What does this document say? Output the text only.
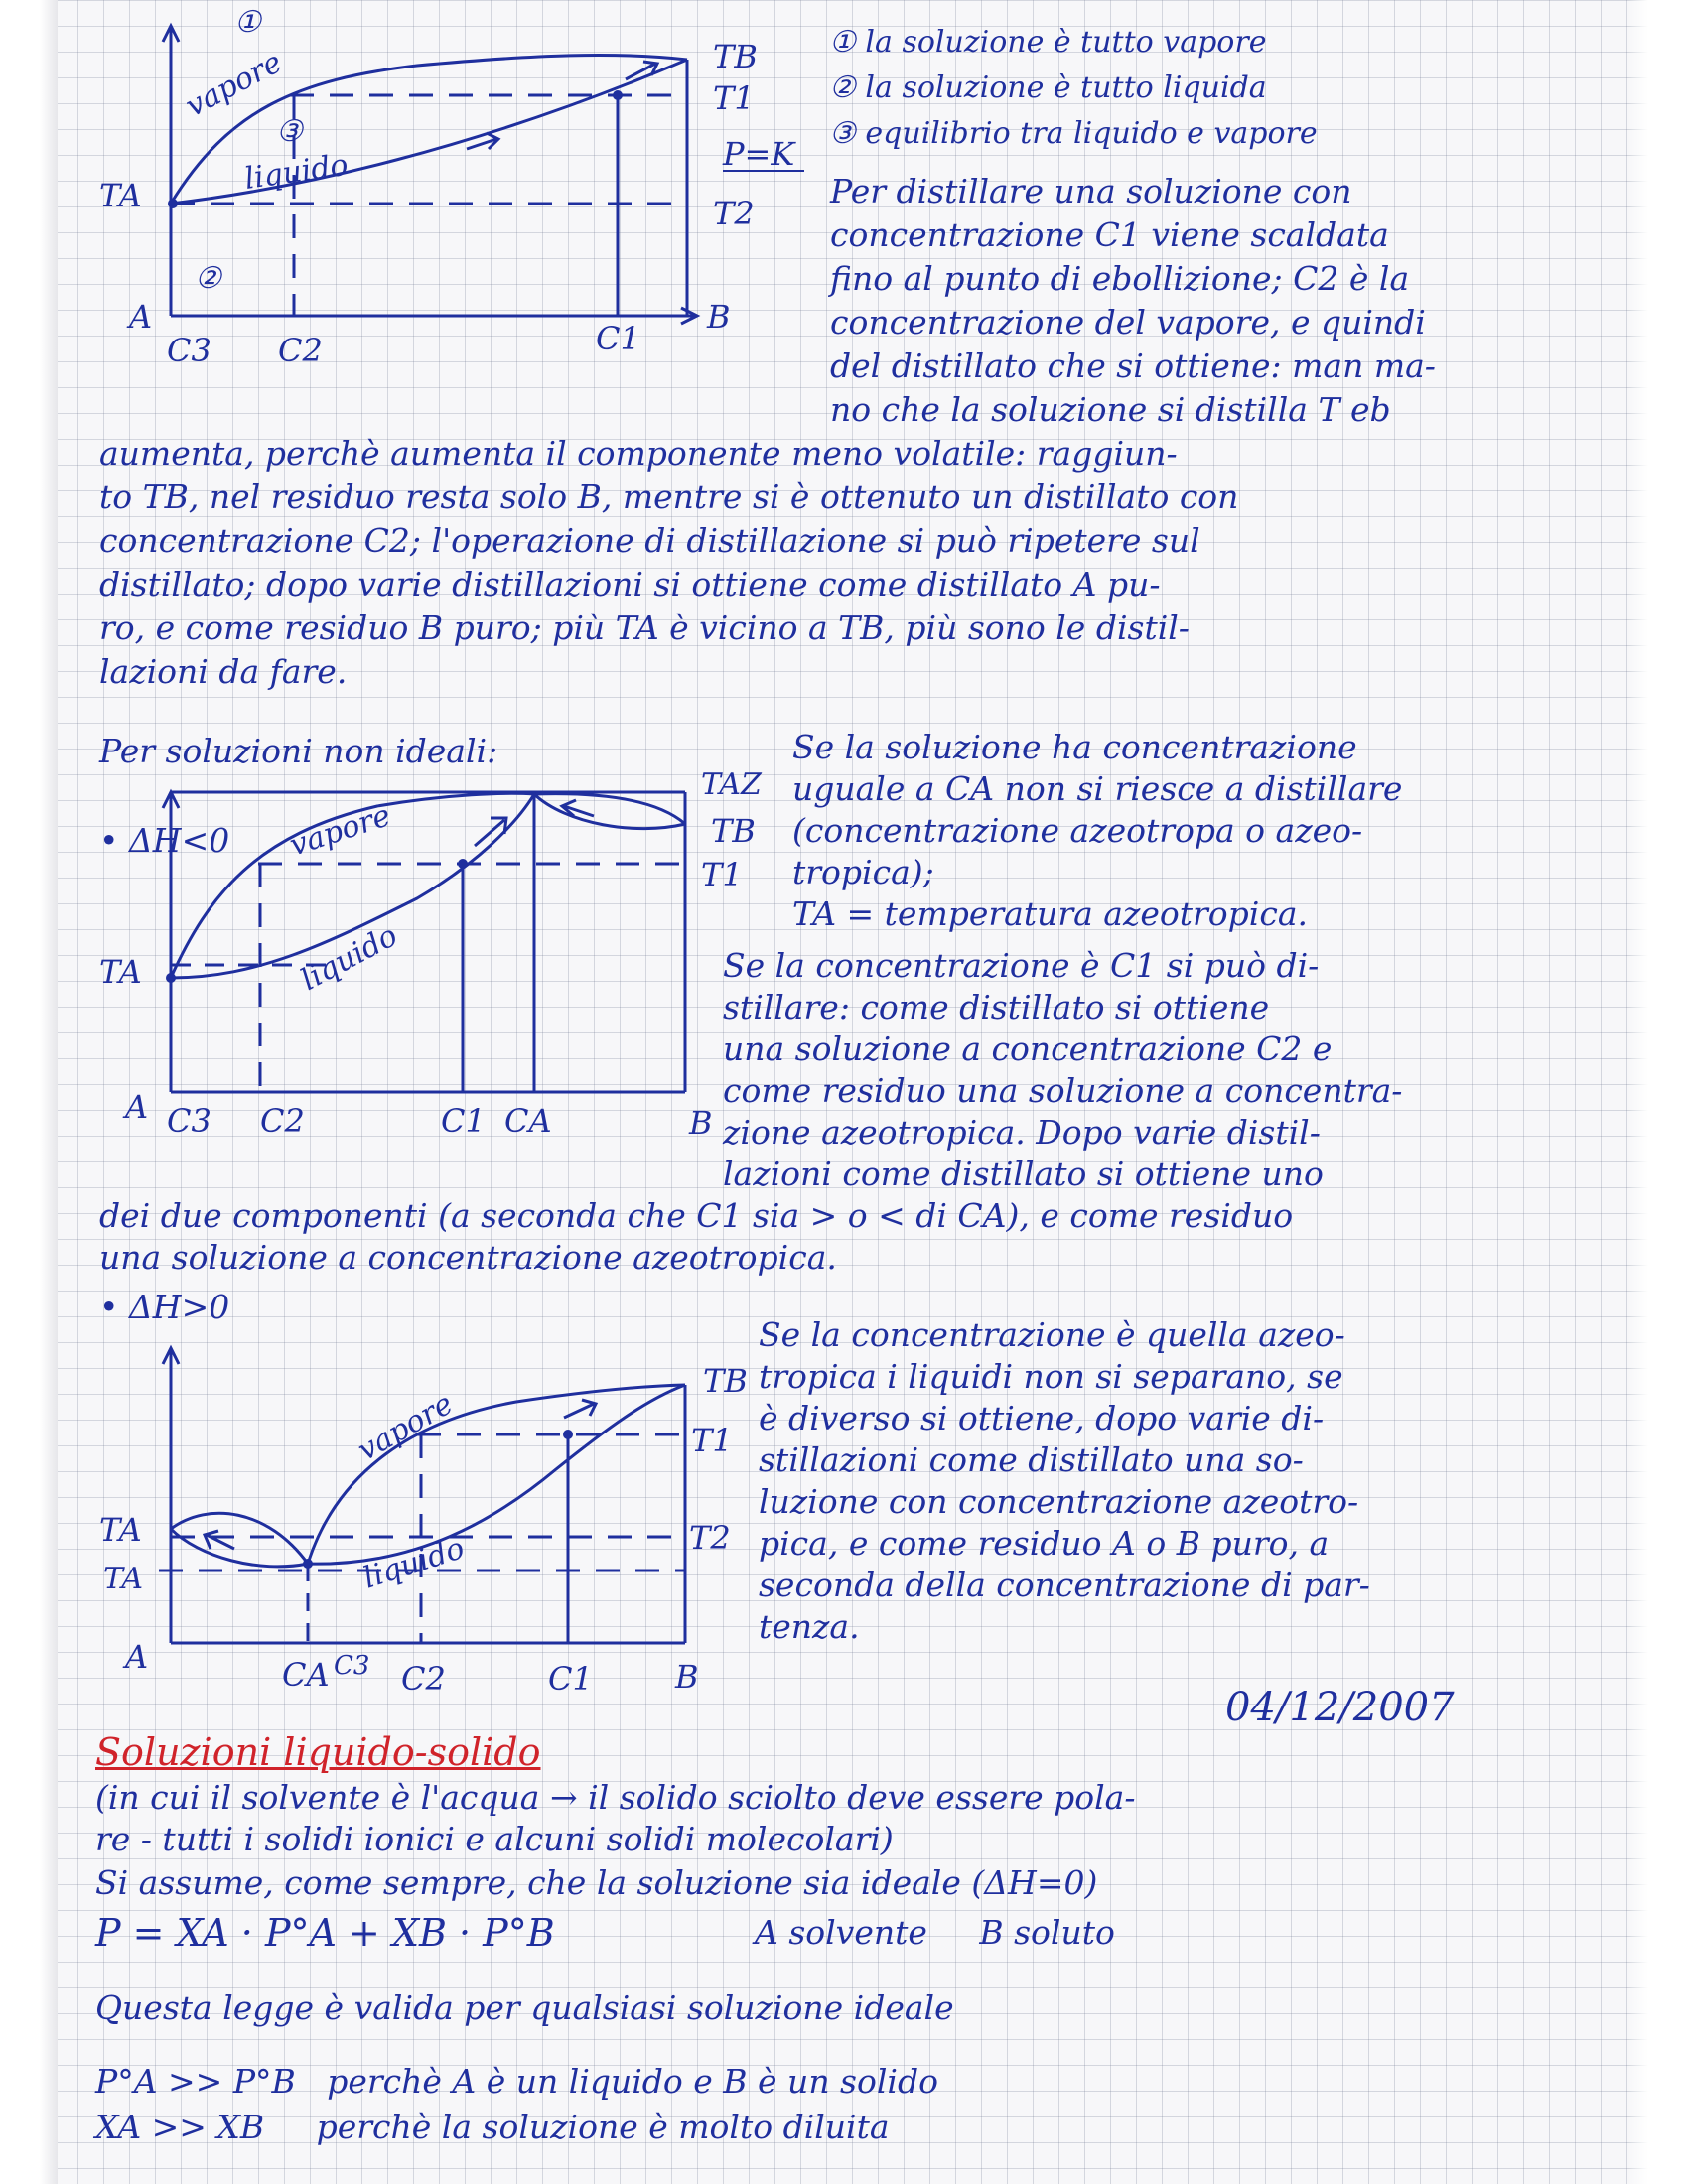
vapore
liquido
①
③
②
TB
T1
TA	T2
P=K
A	B
C3 C2	C1
① la soluzione è tutto vapore
② la soluzione è tutto liquida
③ equilibrio tra liquido e vapore
Per distillare una soluzione con
concentrazione C1 viene scaldata
fino al punto di ebollizione; C2 è la
concentrazione del vapore, e quindi
del distillato che si ottiene: man ma-
no che la soluzione si distilla T eb
aumenta, perchè aumenta il componente meno volatile: raggiun-
to TB, nel residuo resta solo B, mentre si è ottenuto un distillato con
concentrazione C2; l'operazione di distillazione si può ripetere sul
distillato; dopo varie distillazioni si ottiene come distillato A pu-
ro, e come residuo B puro; più TA è vicino a TB, più sono le distil-
lazioni da fare.
Per soluzioni non ideali:
• ΔH<0 vapore
liquido
TAZ
TB
T1
TA
A	B
C3 C2	C1 CA
Se la soluzione ha concentrazione
uguale a CA non si riesce a distillare
(concentrazione azeotropa o azeo-
tropica);
TA = temperatura azeotropica.
Se la concentrazione è C1 si può di-
stillare: come distillato si ottiene
una soluzione a concentrazione C2 e
come residuo una soluzione a concentra-
zione azeotropica. Dopo varie distil-
lazioni come distillato si ottiene uno
dei due componenti (a seconda che C1 sia > o < di CA), e come residuo
una soluzione a concentrazione azeotropica.
• ΔH>0
vapore
liquido
TB
T1
TA	T2
TA
A
B
CA C3 C2	C1
Se la concentrazione è quella azeo-
tropica i liquidi non si separano, se
è diverso si ottiene, dopo varie di-
stillazioni come distillato una so-
luzione con concentrazione azeotro-
pica, e come residuo A o B puro, a
seconda della concentrazione di par-
tenza.
04/12/2007
Soluzioni liquido-solido
(in cui il solvente è l'acqua → il solido sciolto deve essere pola-
re - tutti i solidi ionici e alcuni solidi molecolari)
Si assume, come sempre, che la soluzione sia ideale (ΔH=0)
P = XA · P°A + XB · P°B	A solvente     B soluto
Questa legge è valida per qualsiasi soluzione ideale
P°A >> P°B   perchè A è un liquido e B è un solido
XA >> XB     perchè la soluzione è molto diluita
